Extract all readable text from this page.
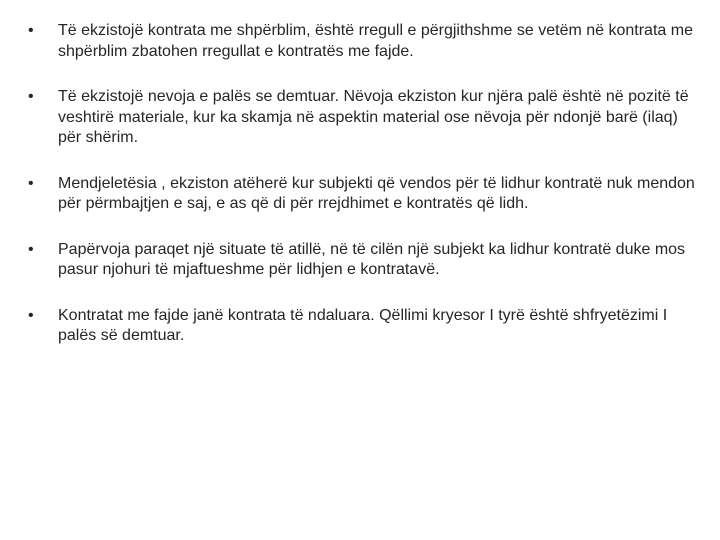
•	Të ekzistojë kontrata me shpërblim, është rregull e përgjithshme se vetëm në kontrata me shpërblim zbatohen rregullat e kontratës me fajde.
•	Të ekzistojë nevoja e palës se demtuar. Nëvoja ekziston kur njëra palë është në pozitë të veshtirë materiale, kur ka skamja në aspektin material ose nëvoja për ndonjë barë (ilaq) për shërim.
•	Mendjeletësia , ekziston atëherë kur subjekti që vendos për të lidhur kontratë nuk mendon për përmbajtjen e saj, e as që di për rrejdhimet e kontratës që lidh.
•	Papërvoja paraqet një situate të atillë, në të cilën një subjekt ka lidhur kontratë duke mos pasur njohuri të mjaftueshme për lidhjen e kontratavë.
•	Kontratat me fajde janë kontrata të ndaluara. Qëllimi kryesor I tyrë është shfryetëzimi I palës së demtuar.
